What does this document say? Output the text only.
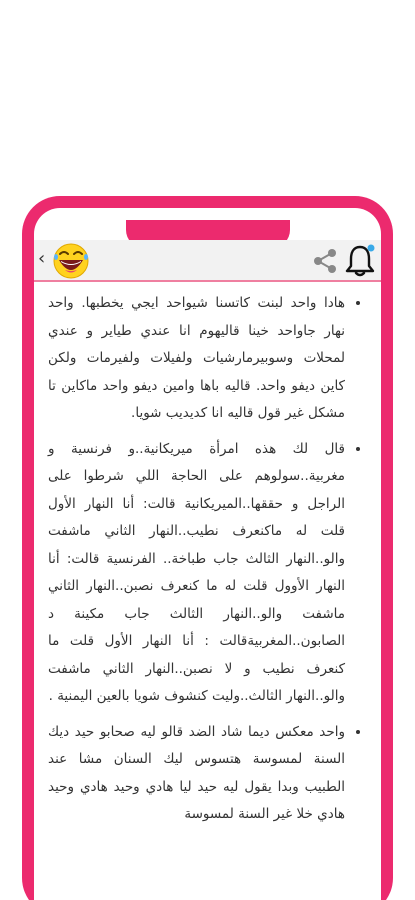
‹
• هادا واحد لبنت كاتسنا شيواحد ايجي يخطبها. واحد نهار جاواحد خينا قاليهوم انا عندي طياير و عندي لمحلات وسوبيرمارشيات ولفيلات ولفيرمات ولكن كاين ديفو واحد. قاليه باها وامين ديفو واحد ماكاين تا مشكل غير قول قاليه انا كديديب شويا.
• قال لك هذه امرأة ميريكانية..و فرنسية و مغربية..سولوهم على الحاجة اللي شرطوا على الراجل و حققها..الميريكانية قالت: أنا النهار الأول قلت له ماكنعرف نطيب..النهار الثاني ماشفت والو..النهار الثالث جاب طباخة.. الفرنسية قالت: أنا النهار الأوول قلت له ما كنعرف نصبن..النهار الثاني ماشفت والو..النهار الثالث جاب مكينة د الصابون..المغربيةقالت : أنا النهار الأول قلت ما كنعرف نطيب و لا نصبن..النهار الثاني ماشفت والو..النهار الثالث..وليت كنشوف شويا بالعين اليمنية .
• واحد معكس ديما شاد الضد قالو ليه صحابو حيد ديك السنة لمسوسة هتسوس ليك السنان مشا عند الطبيب وبدا يقول ليه حيد ليا هادي وحيد هادي وحيد هادي خلا غير السنة لمسوسة
